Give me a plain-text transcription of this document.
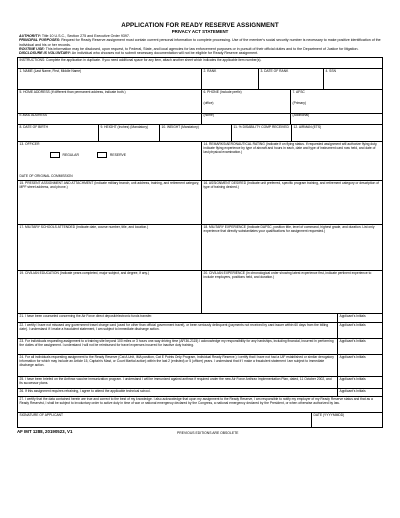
APPLICATION FOR READY RESERVE ASSIGNMENT
PRIVACY ACT STATEMENT
AUTHORITY: Title 10 U.S.C., Section 275 and Executive Order 9397.
PRINCIPAL PURPOSES: Request for Ready Reserve assignment must contain current personal information to complete processing. Use of the member's social security number is necessary to make positive identification of the individual and his or her records.
ROUTINE USE: This information may be disclosed, upon request, to Federal, State, and local agencies for law enforcement purposes or in pursuit of their official duties and to the Department of Justice for litigation.
DISCLOSURE IS VOLUNTARY: An individual who chooses not to submit necessary documentation will not be eligible for Ready Reserve assignment.
INSTRUCTIONS: Complete the application in duplicate. If you need additional space for any item, attach another sheet which indicates the applicable item number(s).
1. NAME (Last Name, First, Middle Name)	2. RANK	3. DATE OF RANK	4. SSN
5. HOME ADDRESS (If different than permanent address, indicate both.)
E-MAIL ADDRESS
6. PHONE (Include prefix)
(office)
(home)
7. AFSC
(Primary)
(Additional)
8. DATE OF BIRTH	9. HEIGHT (Inches) (Mandatory)	10. WEIGHT (Mandatory)	11. % DISABILITY COMP RECEIVED	12. AIRMAN (ETS)
13. OFFICER
REGULAR	RESERVE
DATE OF ORIGINAL COMMISSION
14. REMARKS/AERONAUTICAL RATING (Indicate if on flying status. If requested assignment will authorize flying duty, indicate flying experience by type of aircraft and hours in each, date and type of instrument card now held, and date of last physical examination.)
15. PRESENT ASSIGNMENT AND ATTACHMENT (Indicate military branch, unit address, training, and retirement category, MPF street address, and phone.)
16. ASSIGNMENT DESIRED (Indicate unit preferred, specific program training, and retirement category or description of type of training desired.)
17. MILITARY SCHOOLS ATTENDED (Indicate date, course number, title, and location.)	18. MILITARY EXPERIENCE (Indicate DAFSC, position title, level of command, highest grade, and duration. List only experience that directly substantiates your qualifications for assignment requested.)
19. CIVILIAN EDUCATION (Indicate years completed, major subject, and degree, if any.)	20. CIVILIAN EXPERIENCE (In chronological order showing latest experience first, indicate pertinent experience to include employers, positions held, and duration.)
21. I have been counseled concerning the Air Force direct deposit/electronic funds transfer.	Applicant's Initials
22. I certify I have not misused any government travel charge card (used for other than official government travel), or been seriously delinquent (payments not received by card issuer within 60 days from the billing date). I understand if I make a fraudulent statement, I am subject to immediate discharge action.
Applicant's Initials
23. For individuals requesting assignment to a training site beyond 100 miles or 3 hours one-way driving time (AFI36-2115) I acknowledge my responsibility for any hardships, including financial, incurred in performing the duties of the assignment. I understand I will not be reimbursed for travel expenses incurred for inactive duty training.
Applicant's Initials
24. For all individuals requesting assignment to the Ready Reserve (Cat A Unit, IMA position, Cat E Points Only Program, Individual Ready Reserve.) I certify that I have not had a UIF established or similar derogatory information for which may include an Article 15, Captain's Mast, or Court Martial action) within the last 2 (enlisted) or 5 (officer) years. I understand that if I make a fraudulent statement I am subject to immediate discharge action.
Applicant's Initials
25. I have been briefed on the Anthrax vaccine immunization program. I understand I will be immunized against anthrax if required under the new Air Force Anthrax Implementation Plan, dated, 11 October 2002, and its successor plans.
Applicant's Initials
26. If this assignment requires retraining, I agree to attend the applicable technical school.	Applicant's Initials
27. I certify that the data contained herein are true and correct to the best of my knowledge. I also acknowledge that upon my assignment to the Ready Reserve, I am responsible to notify my employer of my Ready Reserve status and that as a Ready Reservist, I shall be subject to involuntary order to active duty in time of war or national emergency declared by the Congress, a national emergency declared by the President, or when otherwise authorized by law.
SIGNATURE OF APPLICANT	DATE (YYYYMMDD)
AF IMT 1288, 20190523, V1	PREVIOUS EDITIONS ARE OBSOLETE
